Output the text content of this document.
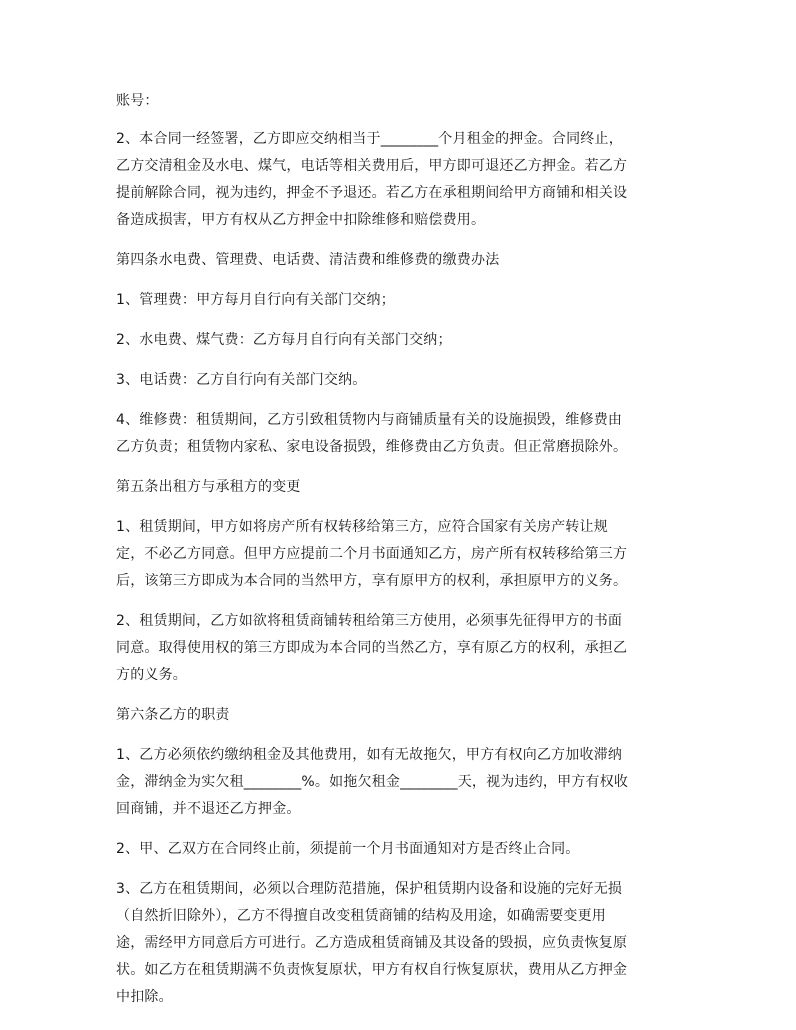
账号：

2、本合同一经签署，乙方即应交纳相当于________个月租金的押金。合同终止，
乙方交清租金及水电、煤气，电话等相关费用后，甲方即可退还乙方押金。若乙方
提前解除合同，视为违约，押金不予退还。若乙方在承租期间给甲方商铺和相关设
备造成损害，甲方有权从乙方押金中扣除维修和赔偿费用。

第四条水电费、管理费、电话费、清洁费和维修费的缴费办法

1、管理费：甲方每月自行向有关部门交纳；

2、水电费、煤气费：乙方每月自行向有关部门交纳；

3、电话费：乙方自行向有关部门交纳。

4、维修费：租赁期间，乙方引致租赁物内与商铺质量有关的设施损毁，维修费由
乙方负责；租赁物内家私、家电设备损毁，维修费由乙方负责。但正常磨损除外。

第五条出租方与承租方的变更

1、租赁期间，甲方如将房产所有权转移给第三方，应符合国家有关房产转让规
定，不必乙方同意。但甲方应提前二个月书面通知乙方，房产所有权转移给第三方
后，该第三方即成为本合同的当然甲方，享有原甲方的权利，承担原甲方的义务。

2、租赁期间，乙方如欲将租赁商铺转租给第三方使用，必须事先征得甲方的书面
同意。取得使用权的第三方即成为本合同的当然乙方，享有原乙方的权利，承担乙
方的义务。

第六条乙方的职责

1、乙方必须依约缴纳租金及其他费用，如有无故拖欠，甲方有权向乙方加收滞纳
金，滞纳金为实欠租________%。如拖欠租金________天，视为违约，甲方有权收
回商铺，并不退还乙方押金。

2、甲、乙双方在合同终止前，须提前一个月书面通知对方是否终止合同。

3、乙方在租赁期间，必须以合理防范措施，保护租赁期内设备和设施的完好无损
（自然折旧除外），乙方不得擅自改变租赁商铺的结构及用途，如确需要变更用
途，需经甲方同意后方可进行。乙方造成租赁商铺及其设备的毁损，应负责恢复原
状。如乙方在租赁期满不负责恢复原状，甲方有权自行恢复原状，费用从乙方押金
中扣除。
